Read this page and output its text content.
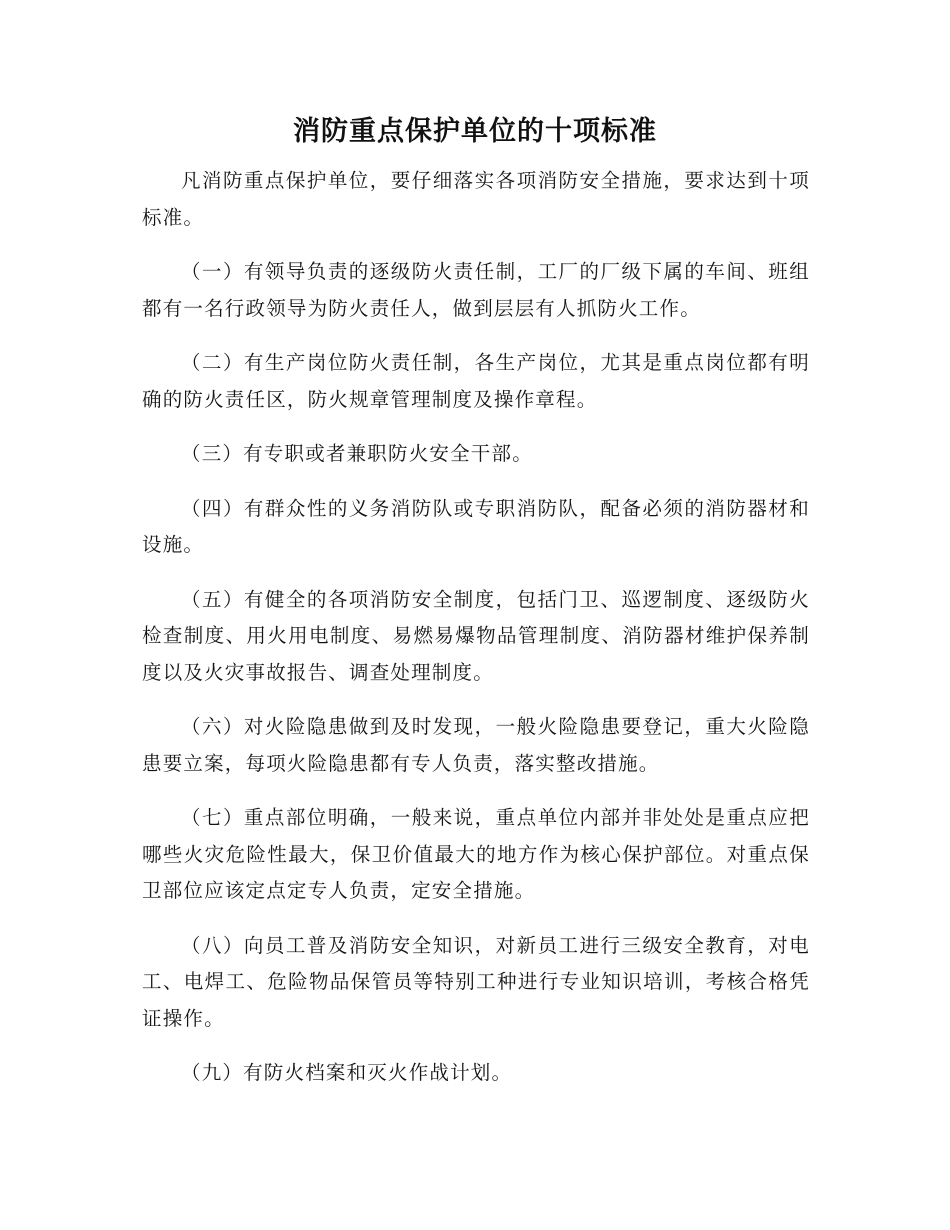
消防重点保护单位的十项标准

凡消防重点保护单位，要仔细落实各项消防安全措施，要求达到十项标准。

（一）有领导负责的逐级防火责任制，工厂的厂级下属的车间、班组都有一名行政领导为防火责任人，做到层层有人抓防火工作。

（二）有生产岗位防火责任制，各生产岗位，尤其是重点岗位都有明确的防火责任区，防火规章管理制度及操作章程。

（三）有专职或者兼职防火安全干部。

（四）有群众性的义务消防队或专职消防队，配备必须的消防器材和设施。

（五）有健全的各项消防安全制度，包括门卫、巡逻制度、逐级防火检查制度、用火用电制度、易燃易爆物品管理制度、消防器材维护保养制度以及火灾事故报告、调查处理制度。

（六）对火险隐患做到及时发现，一般火险隐患要登记，重大火险隐患要立案，每项火险隐患都有专人负责，落实整改措施。

（七）重点部位明确，一般来说，重点单位内部并非处处是重点应把哪些火灾危险性最大，保卫价值最大的地方作为核心保护部位。对重点保卫部位应该定点定专人负责，定安全措施。

（八）向员工普及消防安全知识，对新员工进行三级安全教育，对电工、电焊工、危险物品保管员等特别工种进行专业知识培训，考核合格凭证操作。

（九）有防火档案和灭火作战计划。
